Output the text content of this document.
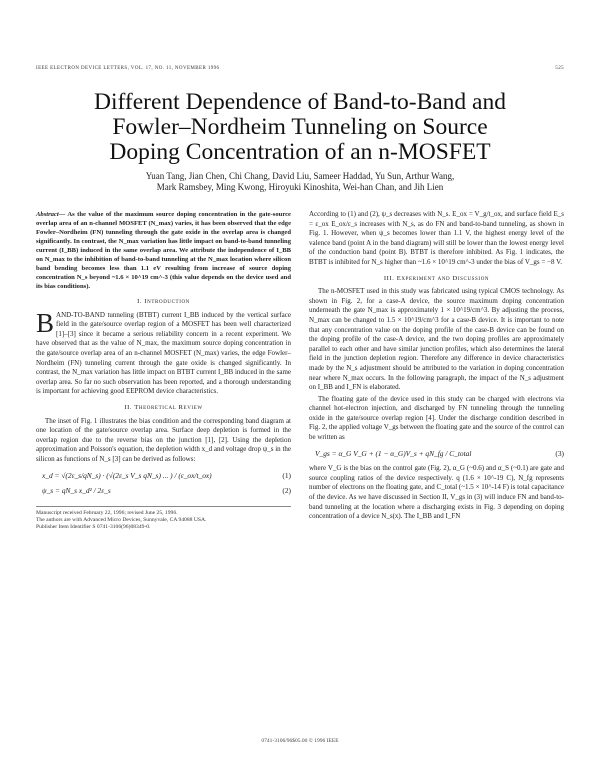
IEEE ELECTRON DEVICE LETTERS, VOL. 17, NO. 11, NOVEMBER 1996	525
Different Dependence of Band-to-Band and
Fowler–Nordheim Tunneling on Source
Doping Concentration of an n-MOSFET
Yuan Tang, Jian Chen, Chi Chang, David Liu, Sameer Haddad, Yu Sun, Arthur Wang,
Mark Ramsbey, Ming Kwong, Hiroyuki Kinoshita, Wei-han Chan, and Jih Lien
Abstract— As the value of the maximum source doping concentration in the gate-source overlap area of an n-channel MOSFET (N_max) varies, it has been observed that the edge Fowler–Nordheim (FN) tunneling through the gate oxide in the overlap area is changed significantly. In contrast, the N_max variation has little impact on band-to-band tunneling current (I_BB) induced in the same overlap area. We attribute the independence of I_BB on N_max to the inhibition of band-to-band tunneling at the N_max location where silicon band bending becomes less than 1.1 eV resulting from increase of source doping concentration N_s beyond ~1.6 × 10^19 cm^-3 (this value depends on the device used and its bias conditions).
I. Introduction

B AND-TO-BAND tunneling (BTBT) current I_BB induced by the vertical surface field in the gate/source overlap region of a MOSFET has been well characterized [1]–[3] since it became a serious reliability concern in a recent experiment. We have observed that as the value of N_max, the maximum source doping concentration in the gate/source overlap area of an n-channel MOSFET (N_max) varies, the edge Fowler–Nordheim (FN) tunneling current through the gate oxide is changed significantly. In contrast, the N_max variation has little impact on BTBT current I_BB induced in the same overlap area. So far no such observation has been reported, and a thorough understanding is important for achieving good EEPROM device characteristics.

II. Theoretical Review

The inset of Fig. 1 illustrates the bias condition and the corresponding band diagram at one location of the gate/source overlap area. Surface deep depletion is formed in the overlap region due to the reverse bias on the junction [1], [2]. Using the depletion approximation and Poisson's equation, the depletion width x_d and voltage drop ψ_s in the silicon as functions of N_s [3] can be derived as follows:

x_d = √(2ε_s/qN_s) · (√(2ε_s V_s qN_s) ... ) / (ε_ox/t_ox)	(1)
ψ_s = qN_s x_d² / 2ε_s	(2)
Manuscript received February 22, 1996; revised June 25, 1996.
The authors are with Advanced Micro Devices, Sunnyvale, CA 94088 USA.
Publisher Item Identifier S 0741-3106(96)08349-0.

According to (1) and (2), ψ_s decreases with N_s. E_ox = V_g/t_ox, and surface field E_s = ε_ox E_ox/ε_s increases with N_s, as do FN and band-to-band tunneling, as shown in Fig. 1. However, when ψ_s becomes lower than 1.1 V, the highest energy level of the valence band (point A in the band diagram) will still be lower than the lowest energy level of the conduction band (point B). BTBT is therefore inhibited. As Fig. 1 indicates, the BTBT is inhibited for N_s higher than ~1.6 × 10^19 cm^-3 under the bias of V_gs = −8 V.

III. Experiment and Discussion

The n-MOSFET used in this study was fabricated using typical CMOS technology. As shown in Fig. 2, for a case-A device, the source maximum doping concentration underneath the gate N_max is approximately 1 × 10^19/cm^3. By adjusting the process, N_max can be changed to 1.5 × 10^19/cm^3 for a case-B device. It is important to note that any concentration value on the doping profile of the case-B device can be found on the doping profile of the case-A device, and the two doping profiles are approximately parallel to each other and have similar junction profiles, which also determines the lateral field in the junction depletion region. Therefore any difference in device characteristics made by the N_s adjustment should be attributed to the variation in doping concentration near where N_max occurs. In the following paragraph, the impact of the N_s adjustment on I_BB and I_FN is elaborated.

The floating gate of the device used in this study can be charged with electrons via channel hot-electron injection, and discharged by FN tunneling through the tunneling oxide in the gate/source overlap region [4]. Under the discharge condition described in Fig. 2, the applied voltage V_gs between the floating gate and the source of the control can be written as

V_gs = α_G V_G + (1 − α_G)V_s + qN_fg / C_total	(3)

where V_G is the bias on the control gate (Fig. 2), α_G (~0.6) and α_S (~0.1) are gate and source coupling ratios of the device respectively. q (1.6 × 10^-19 C), N_fg represents number of electrons on the floating gate, and C_total (~1.5 × 10^-14 F) is total capacitance of the device. As we have discussed in Section II, V_gs in (3) will induce FN and band-to-band tunneling at the location where a discharging exists in Fig. 3 depending on doping concentration of a device N_s(x). The I_BB and I_FN

0741-3106/96$05.00 © 1996 IEEE
